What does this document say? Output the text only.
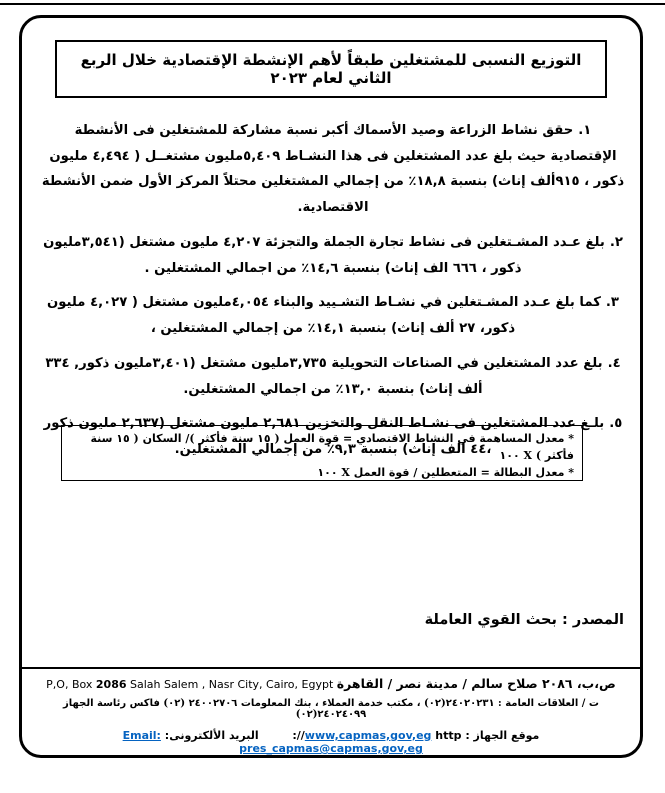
التوزيع النسبى للمشتغلين طبقاً لأهم الإنشطة الإقتصادية خلال الربع الثاني لعام ٢٠٢٣

١.حقق نشاط الزراعة وصيد الأسماك أكبر نسبة مشاركة للمشتغلين فى الأنشطة الإقتصادية حيث بلغ عدد المشتغلين فى هذا النشـاط ٥,٤٠٩مليون مشتغــل ( ٤,٤٩٤ مليون ذكور ، ٩١٥ألف إناث) بنسبة ١٨,٨٪ من إجمالي المشتغلين محتلاً المركز الأول ضمن الأنشطة الاقتصادية.

٢.بلغ عـدد المشـتغلين فى نشاط تجارة الجملة والتجزئة ٤,٢٠٧ مليون مشتغل (٣,٥٤١مليون ذكور ، ٦٦٦ الف إناث) بنسبة ١٤,٦٪ من اجمالي المشتغلين .

٣.كما بلغ عـدد المشـتغلين في نشـاط التشـييد والبناء ٤,٠٥٤مليون مشتغل ( ٤,٠٢٧ مليون ذكور، ٢٧ ألف إناث) بنسبة ١٤,١٪ من إجمالي المشتغلين ،

٤.بلغ عدد المشتغلين في الصناعات التحويلية ٣,٧٣٥مليون مشتغل (٣,٤٠١مليون ذكور, ٣٣٤ ألف إناث) بنسبة ١٣,٠٪ من اجمالي المشتغلين.

٥.بلـغ عدد المشتغلين فى نشـاط النقل والتخزين ٢,٦٨١ مليون مشتغل (٢,٦٣٧ مليون ذكور ،٤٤ الف إناث) بنسبة ٩,٣٪ من إجمالي المشتغلين.

* معدل المساهمة في النشاط الاقتصادي = قوة العمل ( ١٥ سنة فأكثر )/ السكان ( ١٥ سنة فأكثر ) X ١٠٠
* معدل البطالة = المتعطلين / قوة العمل X ١٠٠
المصدر : بحث القوي العاملة
ص،ب، ٢٠٨٦ صلاح سالم / مدينة نصر / القاهرة P,O, Box 2086 Salah Salem , Nasr City, Cairo, Egypt
ت / العلاقات العامة : ٢٤٠٢٠٢٣١(٠٢) ، مكتب خدمة العملاء ، بنك المعلومات ٢٤٠٠٢٧٠٦ (٠٢) فاكس رئاسة الجهاز ٢٤٠٢٤٠٩٩(٠٢)
موقع الجهاز : www,capmas,gov,eg http//:  البريد الألكترونى: Email: pres_capmas@capmas,gov,eg
